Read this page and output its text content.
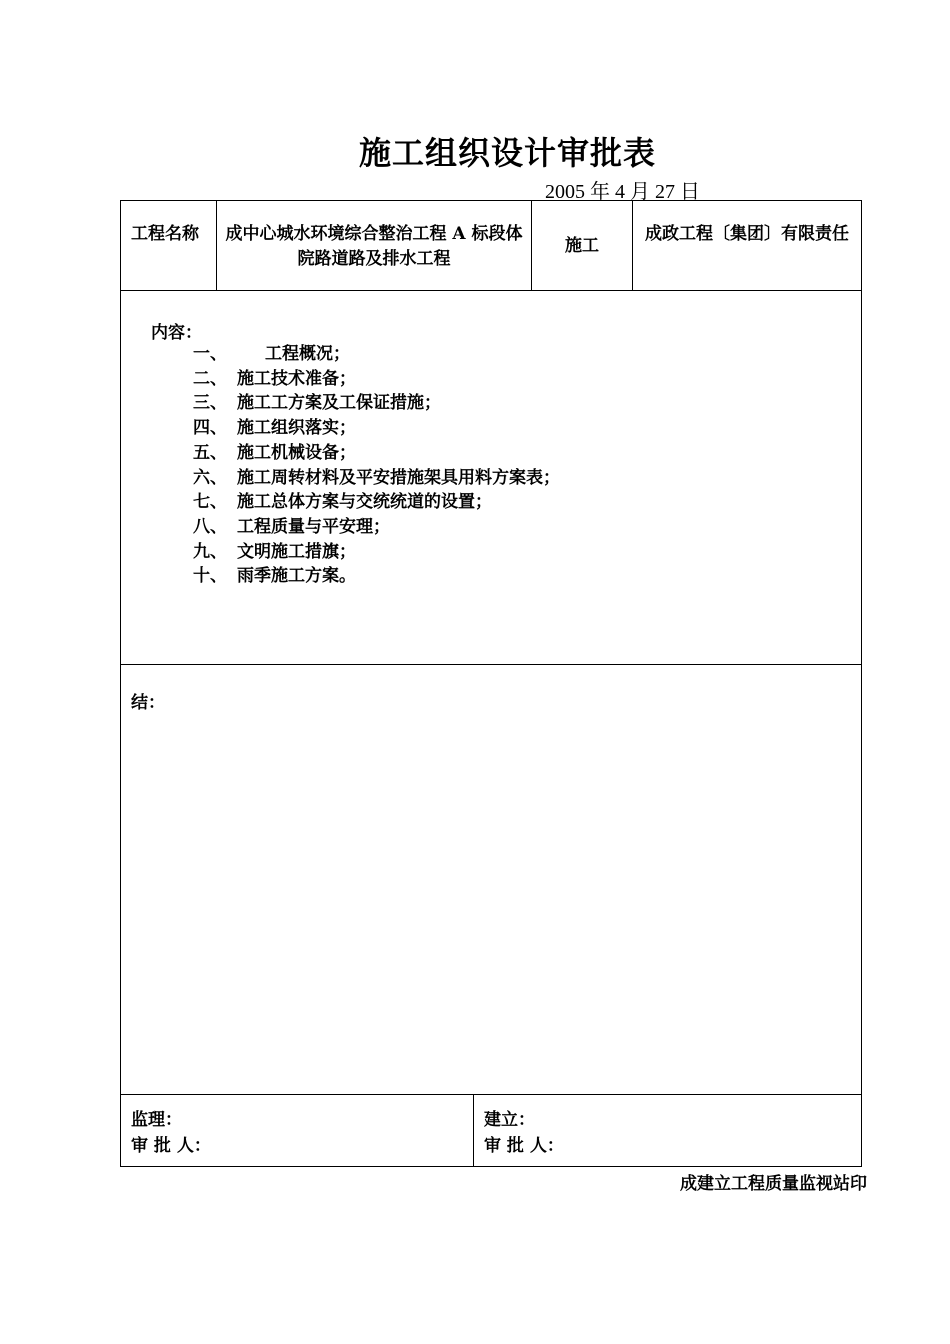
施工组织设计审批表
2005 年 4 月 27 日
工程名称 成中心城水环境综合整治工程 A 标段体院路道路及排水工程
施工
成政工程〔集团〕有限责任
内容：
一、 工程概况；
二、 施工技术准备；
三、 施工工方案及工保证措施；
四、 施工组织落实；
五、 施工机械设备；
六、 施工周转材料及平安措施架具用料方案表；
七、 施工总体方案与交统统道的设置；
八、 工程质量与平安理；
九、 文明施工措旗；
十、 雨季施工方案。
结：
监理：
审 批 人：
建立：
审 批 人：
成建立工程质量监视站印
